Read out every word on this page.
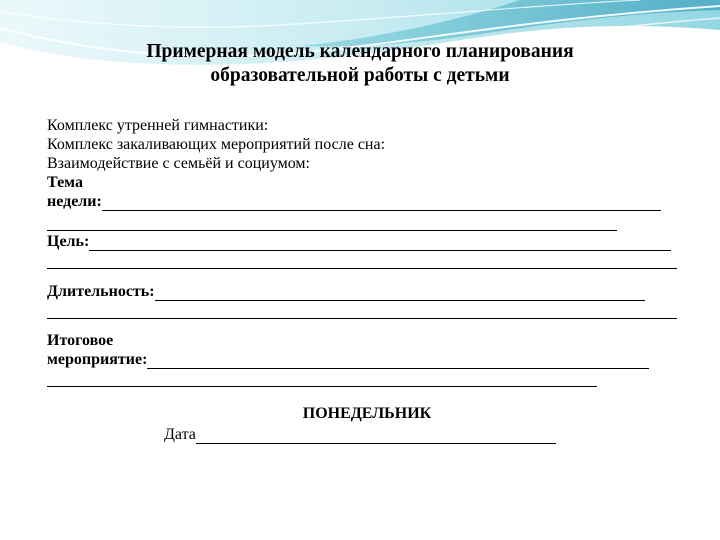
Примерная модель календарного планирования
образовательной работы с детьми
Комплекс утренней гимнастики:
Комплекс закаливающих мероприятий после сна:
Взаимодействие с семьёй и социумом:
Тема
недели:
Цель:
Длительность:
Итоговое
мероприятие:
ПОНЕДЕЛЬНИК
Дата
